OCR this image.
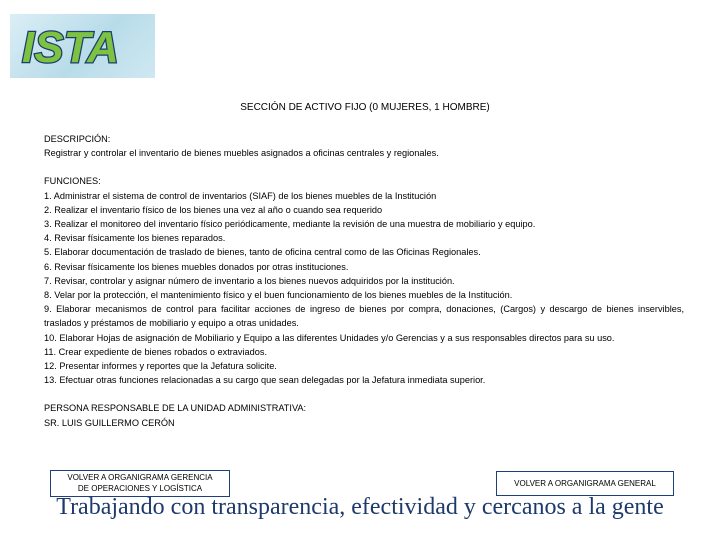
ISTA
SECCIÓN DE ACTIVO FIJO (0 MUJERES, 1 HOMBRE)

DESCRIPCIÓN:

Registrar y controlar el inventario de bienes muebles asignados a oficinas centrales y regionales.

FUNCIONES:

1. Administrar el sistema de control de inventarios (SIAF) de los bienes muebles de la Institución

2. Realizar el inventario físico de los bienes una vez al año o cuando sea requerido

3. Realizar el monitoreo del inventario físico periódicamente, mediante la revisión de una muestra de mobiliario y equipo.

4. Revisar físicamente los bienes reparados.

5. Elaborar documentación de traslado de bienes, tanto de oficina central como de las Oficinas Regionales.

6. Revisar físicamente los bienes muebles donados por otras instituciones.

7. Revisar, controlar y asignar número de inventario a los bienes nuevos adquiridos por la institución.

8. Velar por la protección, el mantenimiento físico y el buen funcionamiento de los bienes muebles de la Institución.

9. Elaborar mecanismos de control para facilitar acciones de ingreso de bienes por compra, donaciones, (Cargos) y descargo de bienes inservibles, traslados y préstamos de mobiliario y equipo a otras unidades.

10. Elaborar Hojas de asignación de Mobiliario y Equipo a las diferentes Unidades y/o Gerencias y a sus responsables directos para su uso.

11. Crear expediente de bienes robados o extraviados.

12. Presentar informes y reportes que la Jefatura solicite.

13. Efectuar otras funciones relacionadas a su cargo que sean delegadas por la Jefatura inmediata superior.

PERSONA RESPONSABLE DE LA UNIDAD ADMINISTRATIVA:

SR. LUIS GUILLERMO CERÓN

VOLVER A ORGANIGRAMA GERENCIA
DE OPERACIONES Y LOGÍSTICA
VOLVER A ORGANIGRAMA GENERAL
Trabajando con transparencia, efectividad y cercanos a la gente
